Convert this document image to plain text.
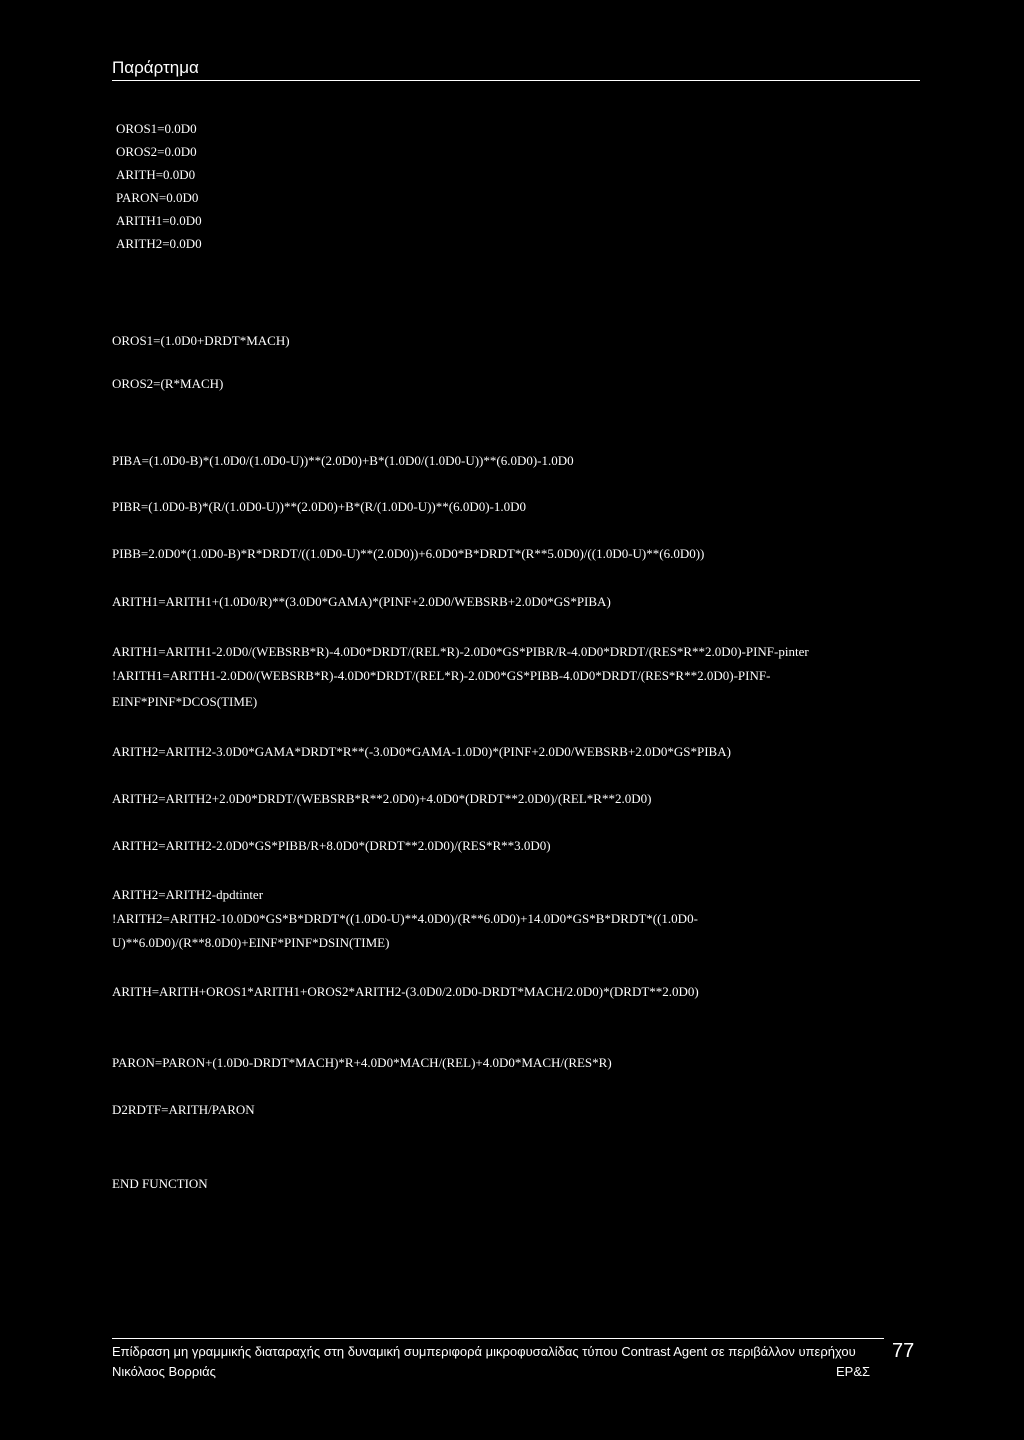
Παράρτημα
OROS1=0.0D0
OROS2=0.0D0
ARITH=0.0D0
PARON=0.0D0
ARITH1=0.0D0
ARITH2=0.0D0
OROS1=(1.0D0+DRDT*MACH)
OROS2=(R*MACH)
PIBA=(1.0D0-B)*(1.0D0/(1.0D0-U))**(2.0D0)+B*(1.0D0/(1.0D0-U))**(6.0D0)-1.0D0
PIBR=(1.0D0-B)*(R/(1.0D0-U))**(2.0D0)+B*(R/(1.0D0-U))**(6.0D0)-1.0D0
PIBB=2.0D0*(1.0D0-B)*R*DRDT/((1.0D0-U)**(2.0D0))+6.0D0*B*DRDT*(R**5.0D0)/((1.0D0-U)**(6.0D0))
ARITH1=ARITH1+(1.0D0/R)**(3.0D0*GAMA)*(PINF+2.0D0/WEBSRB+2.0D0*GS*PIBA)
ARITH1=ARITH1-2.0D0/(WEBSRB*R)-4.0D0*DRDT/(REL*R)-2.0D0*GS*PIBR/R-4.0D0*DRDT/(RES*R**2.0D0)-PINF-pinter
!ARITH1=ARITH1-2.0D0/(WEBSRB*R)-4.0D0*DRDT/(REL*R)-2.0D0*GS*PIBB-4.0D0*DRDT/(RES*R**2.0D0)-PINF-
EINF*PINF*DCOS(TIME)
ARITH2=ARITH2-3.0D0*GAMA*DRDT*R**(-3.0D0*GAMA-1.0D0)*(PINF+2.0D0/WEBSRB+2.0D0*GS*PIBA)
ARITH2=ARITH2+2.0D0*DRDT/(WEBSRB*R**2.0D0)+4.0D0*(DRDT**2.0D0)/(REL*R**2.0D0)
ARITH2=ARITH2-2.0D0*GS*PIBB/R+8.0D0*(DRDT**2.0D0)/(RES*R**3.0D0)
ARITH2=ARITH2-dpdtinter
!ARITH2=ARITH2-10.0D0*GS*B*DRDT*((1.0D0-U)**4.0D0)/(R**6.0D0)+14.0D0*GS*B*DRDT*((1.0D0-
U)**6.0D0)/(R**8.0D0)+EINF*PINF*DSIN(TIME)
ARITH=ARITH+OROS1*ARITH1+OROS2*ARITH2-(3.0D0/2.0D0-DRDT*MACH/2.0D0)*(DRDT**2.0D0)
PARON=PARON+(1.0D0-DRDT*MACH)*R+4.0D0*MACH/(REL)+4.0D0*MACH/(RES*R)
D2RDTF=ARITH/PARON
END FUNCTION
Επίδραση μη γραμμικής διαταραχής στη δυναμική συμπεριφορά μικροφυσαλίδας τύπου Contrast Agent σε περιβάλλον υπερήχου
Νικόλαος Βορριάς	ΕΡ&Σ
77
